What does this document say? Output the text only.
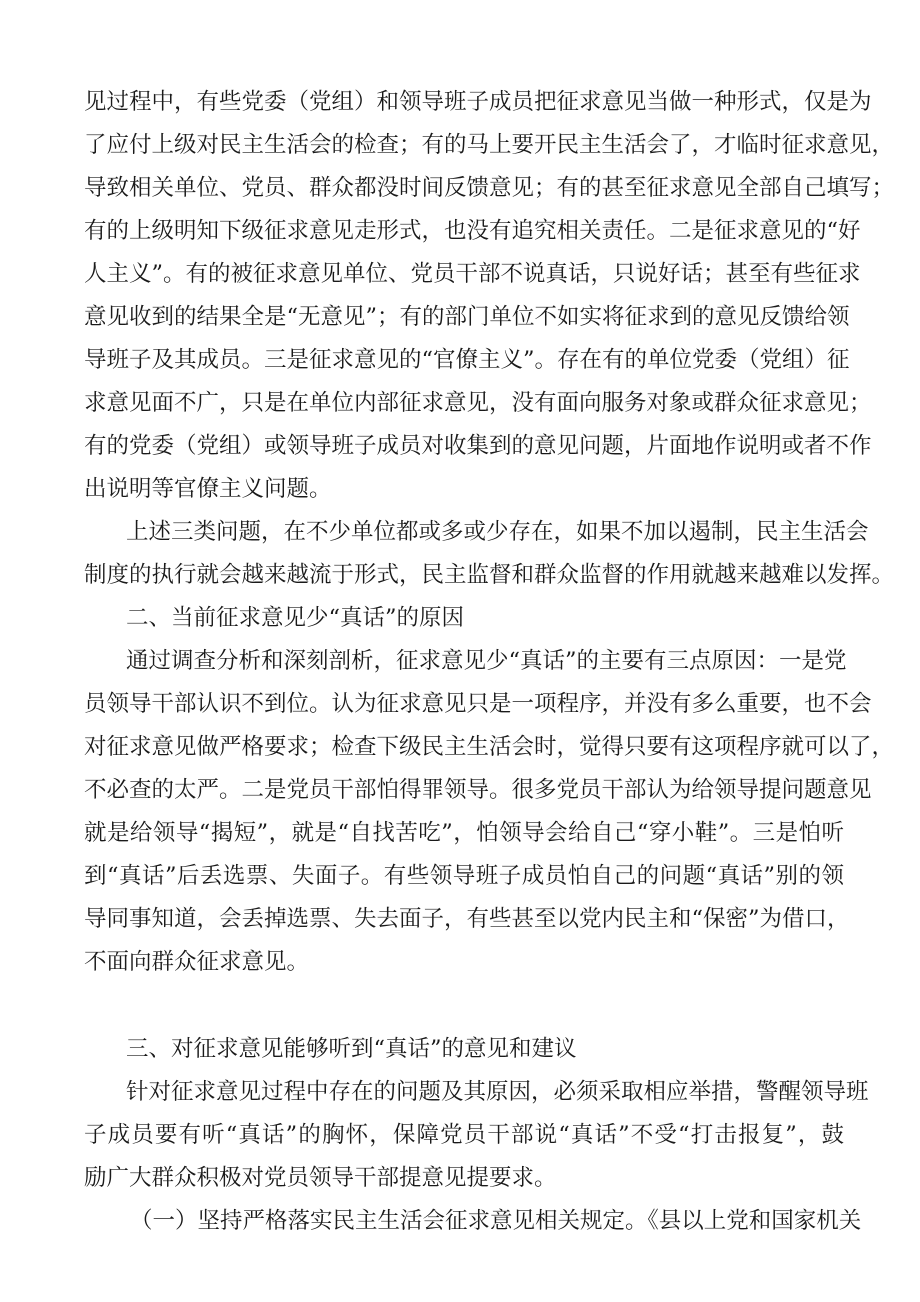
见过程中，有些党委（党组）和领导班子成员把征求意见当做一种形式，仅是为
了应付上级对民主生活会的检查；有的马上要开民主生活会了，才临时征求意见，
导致相关单位、党员、群众都没时间反馈意见；有的甚至征求意见全部自己填写；
有的上级明知下级征求意见走形式，也没有追究相关责任。二是征求意见的“好
人主义”。有的被征求意见单位、党员干部不说真话，只说好话；甚至有些征求
意见收到的结果全是“无意见”；有的部门单位不如实将征求到的意见反馈给领
导班子及其成员。三是征求意见的“官僚主义”。存在有的单位党委（党组）征
求意见面不广，只是在单位内部征求意见，没有面向服务对象或群众征求意见；
有的党委（党组）或领导班子成员对收集到的意见问题，片面地作说明或者不作
出说明等官僚主义问题。
上述三类问题，在不少单位都或多或少存在，如果不加以遏制，民主生活会
制度的执行就会越来越流于形式，民主监督和群众监督的作用就越来越难以发挥。
二、当前征求意见少“真话”的原因
通过调查分析和深刻剖析，征求意见少“真话”的主要有三点原因：一是党
员领导干部认识不到位。认为征求意见只是一项程序，并没有多么重要，也不会
对征求意见做严格要求；检查下级民主生活会时，觉得只要有这项程序就可以了，
不必查的太严。二是党员干部怕得罪领导。很多党员干部认为给领导提问题意见
就是给领导“揭短”，就是“自找苦吃”，怕领导会给自己“穿小鞋”。三是怕听
到“真话”后丢选票、失面子。有些领导班子成员怕自己的问题“真话”别的领
导同事知道，会丢掉选票、失去面子，有些甚至以党内民主和“保密”为借口，
不面向群众征求意见。
三、对征求意见能够听到“真话”的意见和建议
针对征求意见过程中存在的问题及其原因，必须采取相应举措，警醒领导班
子成员要有听“真话”的胸怀，保障党员干部说“真话”不受“打击报复”，鼓
励广大群众积极对党员领导干部提意见提要求。
（一）坚持严格落实民主生活会征求意见相关规定。《县以上党和国家机关
